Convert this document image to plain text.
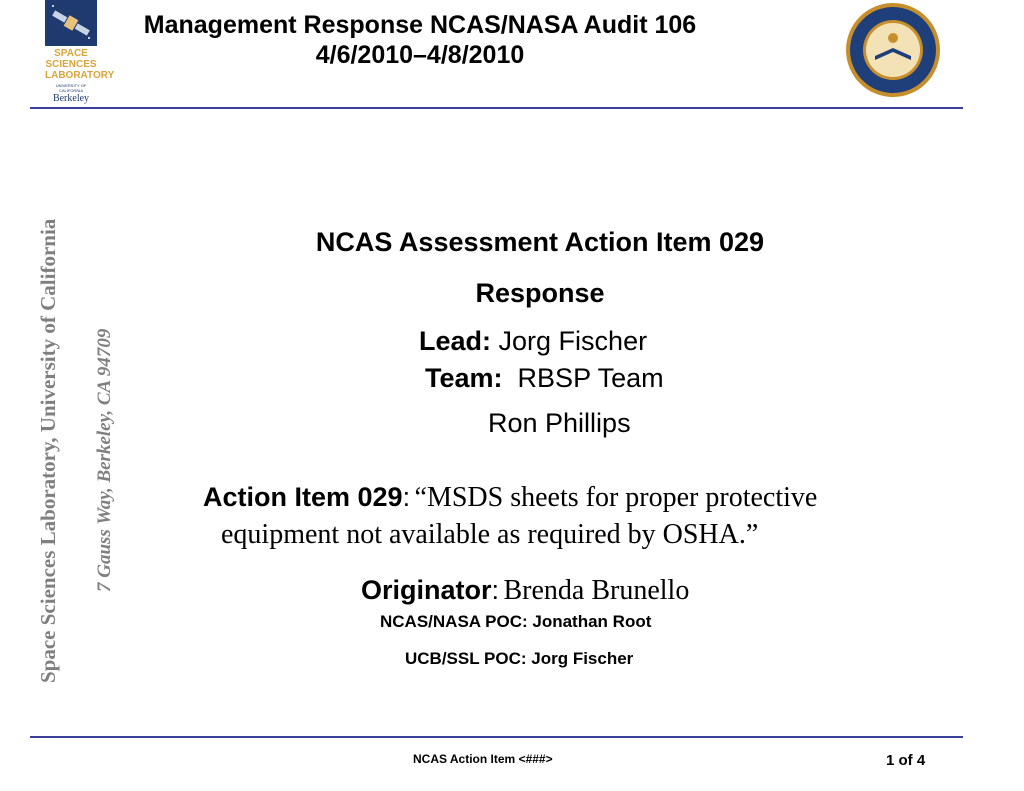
SPACE
SCIENCES
LABORATORY
UNIVERSITY OF CALIFORNIA
Berkeley
Management Response NCAS/NASA Audit 106
4/6/2010–4/8/2010
Space Sciences Laboratory, University of California 7 Gauss Way, Berkeley, CA 94709
NCAS Assessment Action Item 029
Response
Lead: Jorg Fischer
Team: RBSP Team
Ron Phillips
Action Item 029: “MSDS sheets for proper protective
equipment not available as required by OSHA.”
Originator: Brenda Brunello
NCAS/NASA POC: Jonathan Root
UCB/SSL POC: Jorg Fischer
NCAS Action Item <###>	1 of 4
